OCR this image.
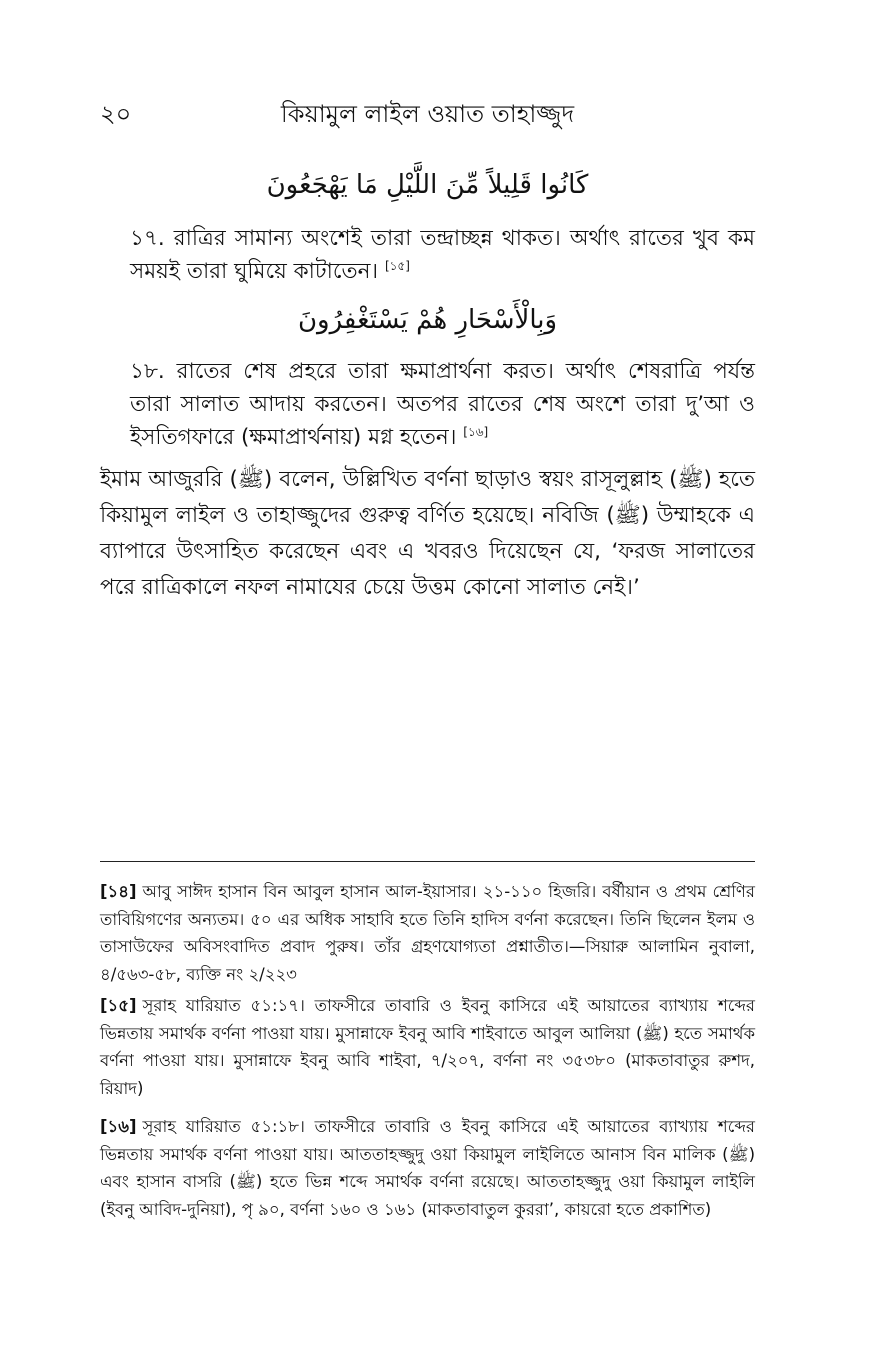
২০	কিয়ামুল লাইল ওয়াত তাহাজ্জুদ
كَانُوا قَلِيلاً مِّنَ اللَّيْلِ مَا يَهْجَعُونَ
১৭. রাত্রির সামান্য অংশেই তারা তন্দ্রাচ্ছন্ন থাকত। অর্থাৎ রাতের খুব কম সময়ই তারা ঘুমিয়ে কাটাতেন। [১৫]
وَبِالْأَسْحَارِ هُمْ يَسْتَغْفِرُونَ
১৮. রাতের শেষ প্রহরে তারা ক্ষমাপ্রার্থনা করত। অর্থাৎ শেষরাত্রি পর্যন্ত তারা সালাত আদায় করতেন। অতপর রাতের শেষ অংশে তারা দু’আ ও ইসতিগফারে (ক্ষমাপ্রার্থনায়) মগ্ন হতেন। [১৬]
ইমাম আজুররি (ﷺ) বলেন, উল্লিখিত বর্ণনা ছাড়াও স্বয়ং রাসূলুল্লাহ (ﷺ) হতে কিয়ামুল লাইল ও তাহাজ্জুদের গুরুত্ব বর্ণিত হয়েছে। নবিজি (ﷺ) উম্মাহকে এ ব্যাপারে উৎসাহিত করেছেন এবং এ খবরও দিয়েছেন যে, ‘ফরজ সালাতের পরে রাত্রিকালে নফল নামাযের চেয়ে উত্তম কোনো সালাত নেই।’
[১৪] আবু সাঈদ হাসান বিন আবুল হাসান আল-ইয়াসার। ২১-১১০ হিজরি। বর্ষীয়ান ও প্রথম শ্রেণির তাবিয়িগণের অন্যতম। ৫০ এর অধিক সাহাবি হতে তিনি হাদিস বর্ণনা করেছেন। তিনি ছিলেন ইলম ও তাসাউফের অবিসংবাদিত প্রবাদ পুরুষ। তাঁর গ্রহণযোগ্যতা প্রশ্নাতীত।—সিয়ারু আলামিন নুবালা, ৪/৫৬৩-৫৮, ব্যক্তি নং ২/২২৩
[১৫] সূরাহ যারিয়াত ৫১:১৭। তাফসীরে তাবারি ও ইবনু কাসিরে এই আয়াতের ব্যাখ্যায় শব্দের ভিন্নতায় সমার্থক বর্ণনা পাওয়া যায়। মুসান্নাফে ইবনু আবি শাইবাতে আবুল আলিয়া (ﷺ) হতে সমার্থক বর্ণনা পাওয়া যায়। মুসান্নাফে ইবনু আবি শাইবা, ৭/২০৭, বর্ণনা নং ৩৫৩৮০ (মাকতাবাতুর রুশদ, রিয়াদ)
[১৬] সূরাহ যারিয়াত ৫১:১৮। তাফসীরে তাবারি ও ইবনু কাসিরে এই আয়াতের ব্যাখ্যায় শব্দের ভিন্নতায় সমার্থক বর্ণনা পাওয়া যায়। আততাহজ্জুদু ওয়া কিয়ামুল লাইলিতে আনাস বিন মালিক (ﷺ) এবং হাসান বাসরি (ﷺ) হতে ভিন্ন শব্দে সমার্থক বর্ণনা রয়েছে। আততাহজ্জুদু ওয়া কিয়ামুল লাইলি (ইবনু আবিদ-দুনিয়া), পৃ ৯০, বর্ণনা ১৬০ ও ১৬১ (মাকতাবাতুল কুররা’, কায়রো হতে প্রকাশিত)
